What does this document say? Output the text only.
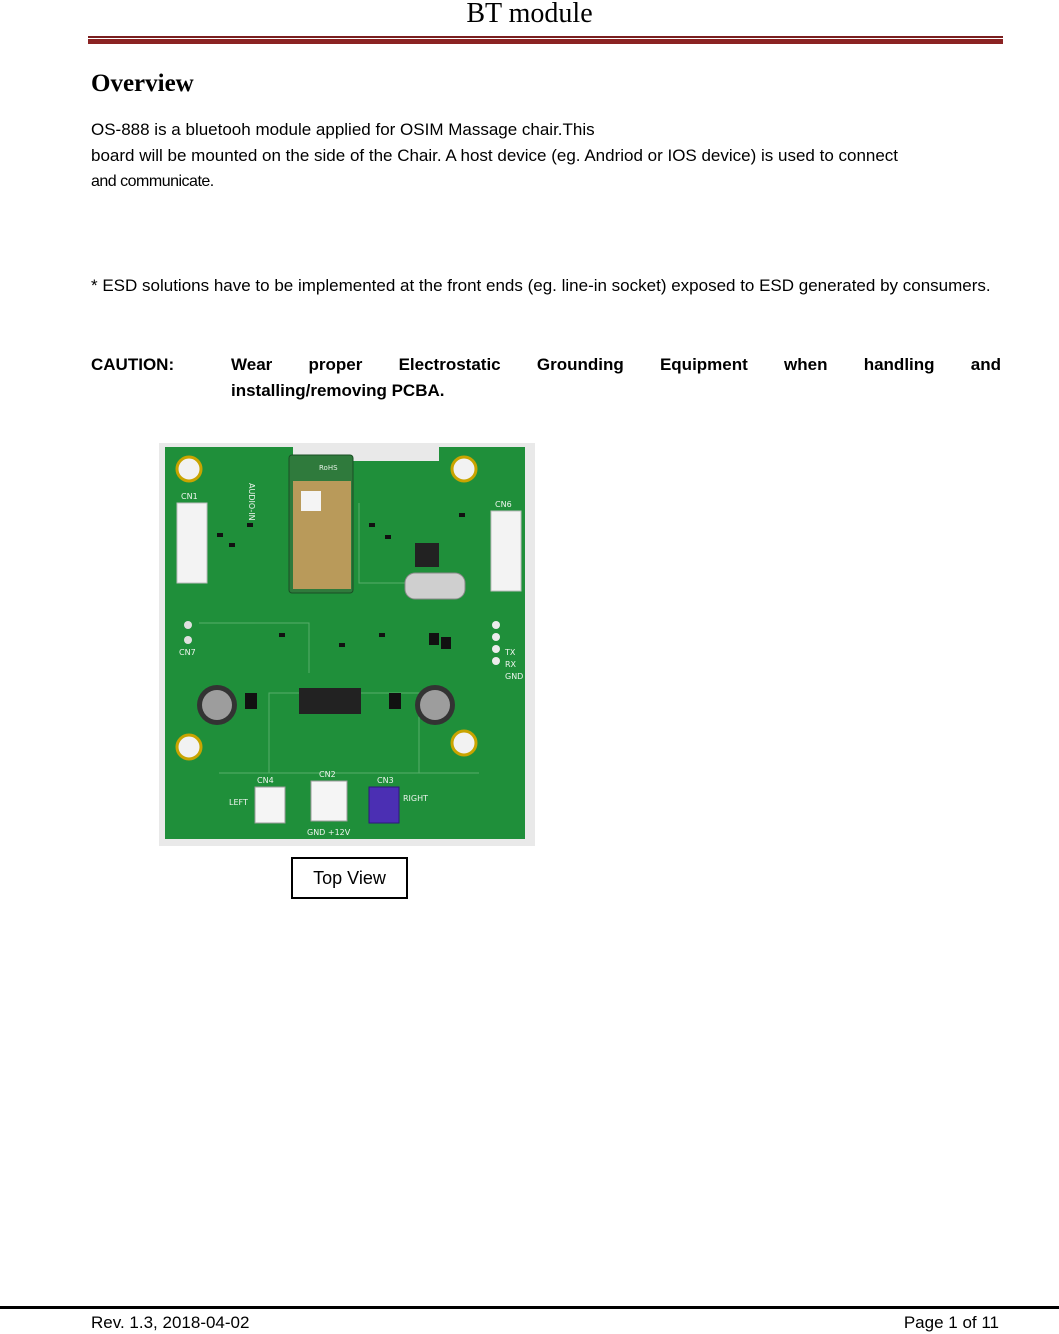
BT module
Overview
OS-888 is a bluetooh module applied for OSIM Massage chair.This
board will be mounted on the side of the Chair. A host device (eg. Andriod or IOS device) is used to connect
and communicate.
* ESD solutions have to be implemented at the front ends (eg. line-in socket) exposed to ESD generated by consumers.
CAUTION:	Wear proper Electrostatic Grounding Equipment when handling and
installing/removing PCBA.
RoHS
CN4
CN2
CN3
LEFT	RIGHT
GND +12V
TX
RX
GND
CN1
CN6
CN7
AUDIO-IN
Top View
Rev. 1.3, 2018-04-02	Page 1 of 11
